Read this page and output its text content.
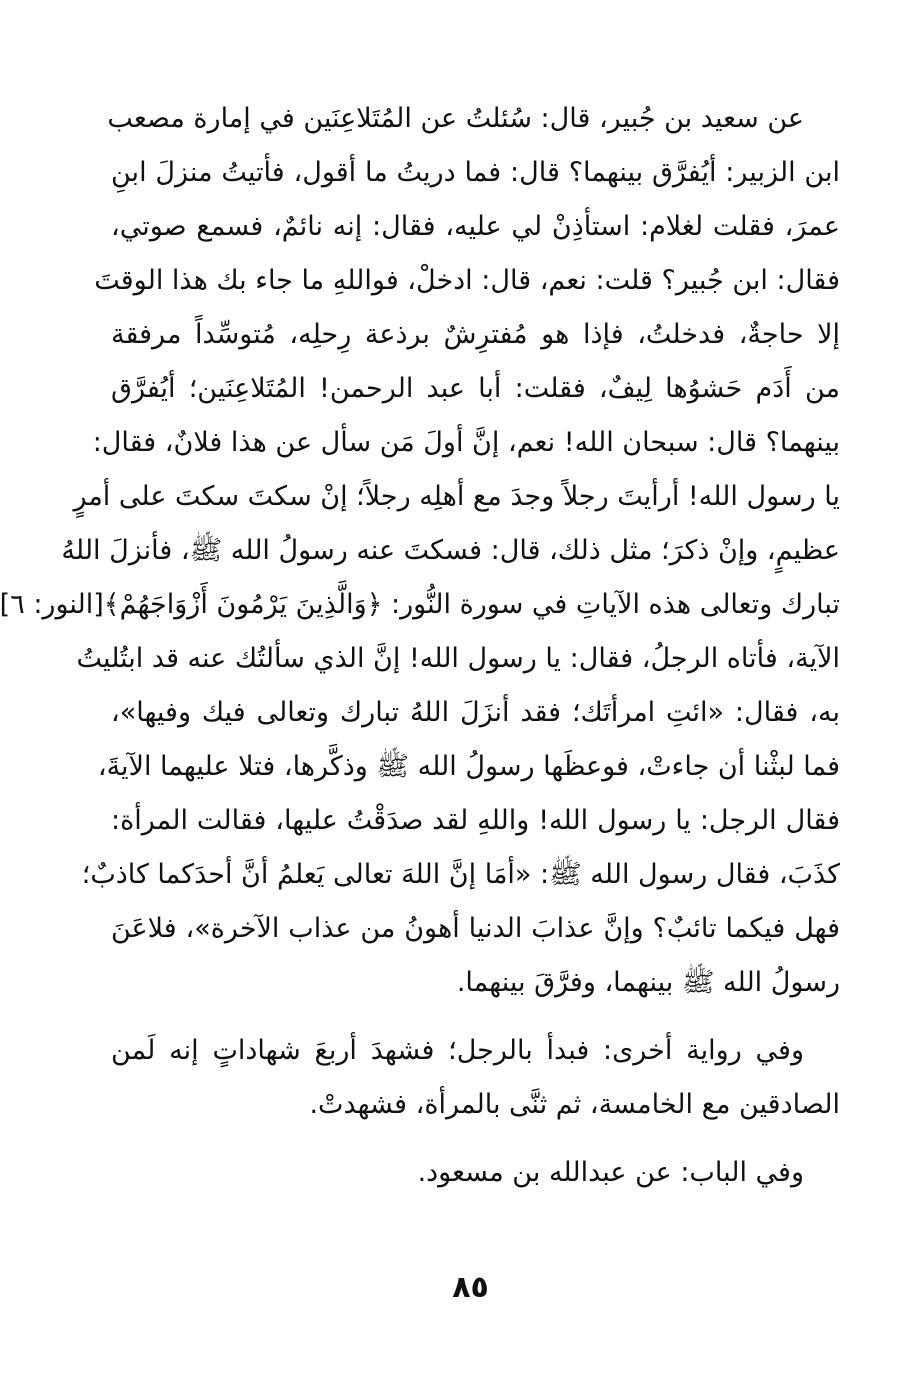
عن سعيد بن جُبير، قال: سُئلتُ عن المُتَلاعِنَين في إمارة مصعب
ابن الزبير: أيُفرَّق بينهما؟ قال: فما دريتُ ما أقول، فأتيتُ منزلَ ابنِ
عمرَ، فقلت لغلام: استأذِنْ لي عليه، فقال: إنه نائمٌ، فسمع صوتي،
فقال: ابن جُبير؟ قلت: نعم، قال: ادخلْ، فواللهِ ما جاء بك هذا الوقتَ
إلا حاجةٌ، فدخلتُ، فإذا هو مُفترِشٌ برذعة رِحلِه، مُتوسِّداً مرفقة
من أَدَم حَشوُها لِيفٌ، فقلت: أبا عبد الرحمن! المُتَلاعِنَين؛ أيُفرَّق
بينهما؟ قال: سبحان الله! نعم، إنَّ أولَ مَن سأل عن هذا فلانٌ، فقال:
يا رسول الله! أرأيتَ رجلاً وجدَ مع أهلِه رجلاً؛ إنْ سكتَ سكتَ على أمرٍ
عظيمٍ، وإنْ ذكرَ؛ مثل ذلك، قال: فسكتَ عنه رسولُ الله ﷺ، فأنزلَ اللهُ
تبارك وتعالى هذه الآياتِ في سورة النُّور: ﴿وَالَّذِينَ يَرْمُونَ أَزْوَاجَهُمْ﴾[النور: ٦]
الآية، فأتاه الرجلُ، فقال: يا رسول الله! إنَّ الذي سألتُك عنه قد ابتُليتُ
به، فقال: «ائتِ امرأتَك؛ فقد أنزَلَ اللهُ تبارك وتعالى فيك وفيها»،
فما لبثْنا أن جاءتْ، فوعظَها رسولُ الله ﷺ وذكَّرها، فتلا عليهما الآيةَ،
فقال الرجل: يا رسول الله! واللهِ لقد صدَقْتُ عليها، فقالت المرأة:
كذَبَ، فقال رسول الله ﷺ: «أمَا إنَّ اللهَ تعالى يَعلمُ أنَّ أحدَكما كاذبٌ؛
فهل فيكما تائبٌ؟ وإنَّ عذابَ الدنيا أهونُ من عذاب الآخرة»، فلاعَنَ
رسولُ الله ﷺ بينهما، وفرَّقَ بينهما.
وفي رواية أخرى: فبدأ بالرجل؛ فشهدَ أربعَ شهاداتٍ إنه لَمن
الصادقين مع الخامسة، ثم ثنَّى بالمرأة، فشهدتْ.
وفي الباب: عن عبدالله بن مسعود.
٨٥
